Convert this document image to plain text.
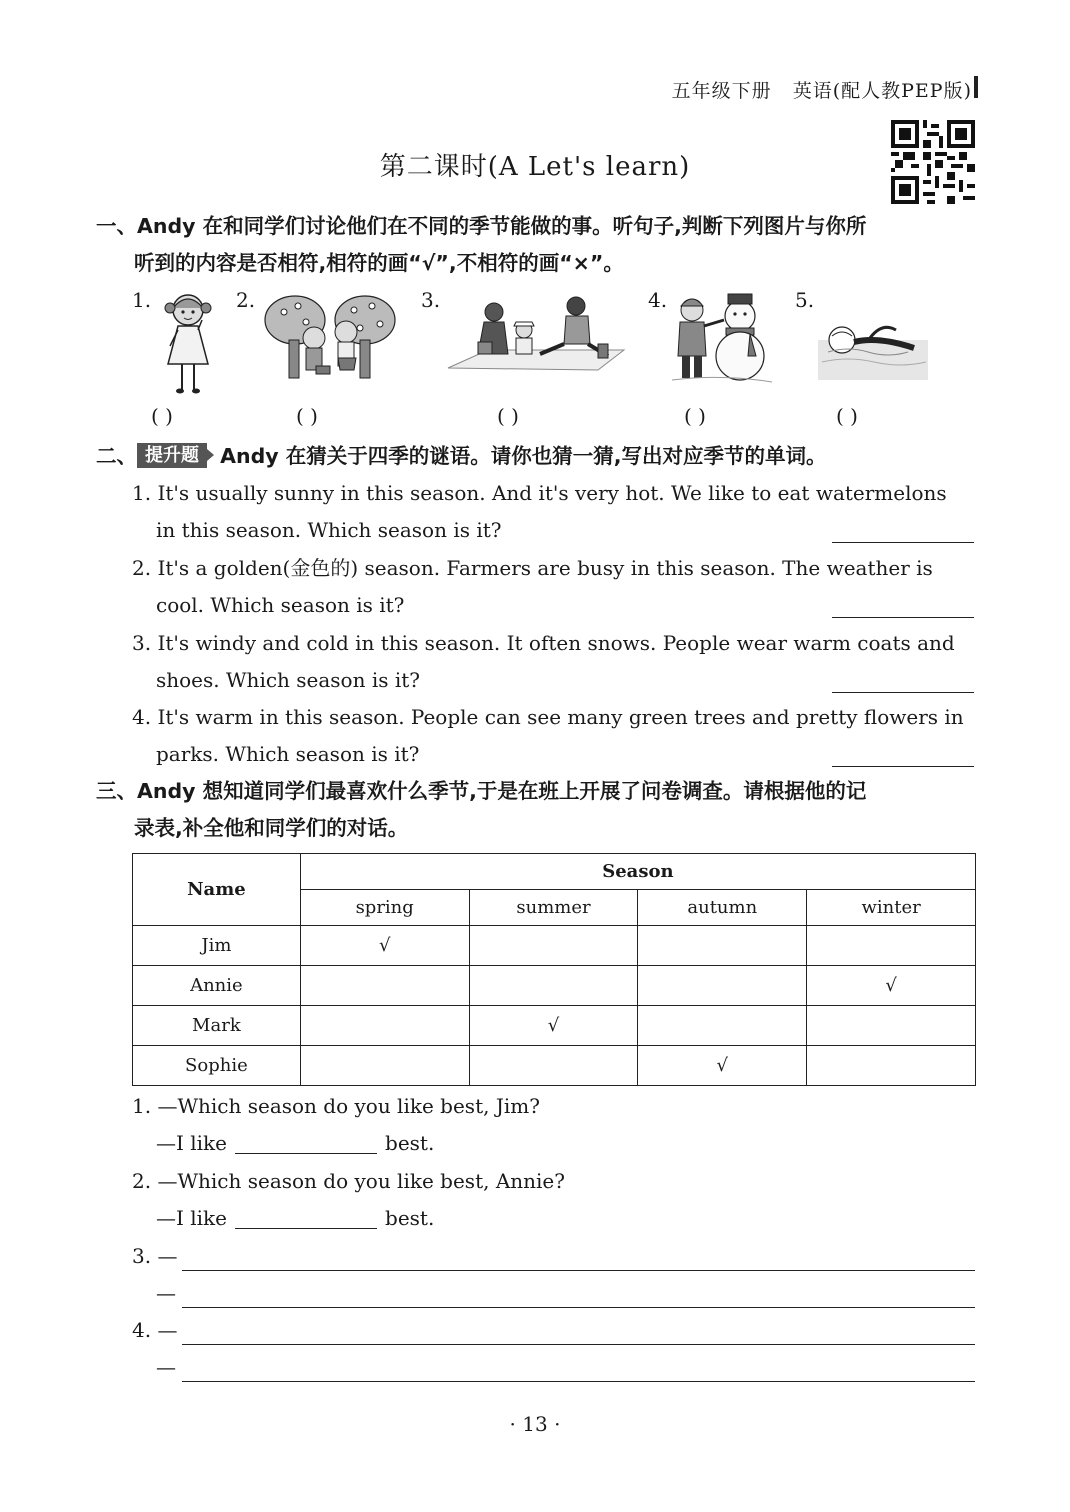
五年级下册 英语(配人教PEP版)
第二课时(A Let's learn)
一、Andy 在和同学们讨论他们在不同的季节能做的事。听句子,判断下列图片与你所
听到的内容是否相符,相符的画“√”,不相符的画“×”。
1.	2.	3.	4.	5.
( )	( )	( )	( )	( )
二、 提升题 Andy 在猜关于四季的谜语。请你也猜一猜,写出对应季节的单词。
1. It's usually sunny in this season. And it's very hot. We like to eat watermelons
in this season. Which season is it?
2. It's a golden(金色的) season. Farmers are busy in this season. The weather is
cool. Which season is it?
3. It's windy and cold in this season. It often snows. People wear warm coats and
shoes. Which season is it?
4. It's warm in this season. People can see many green trees and pretty flowers in
parks. Which season is it?
三、Andy 想知道同学们最喜欢什么季节,于是在班上开展了问卷调查。请根据他的记
录表,补全他和同学们的对话。
Name	Season			
	spring	summer	autumn	winter
Jim	√			
Annie				√
Mark		√		
Sophie			√	
1. —Which season do you like best, Jim?
—I like	best.
2. —Which season do you like best, Annie?
—I like	best.
3. —
—
4. —
—
· 13 ·
